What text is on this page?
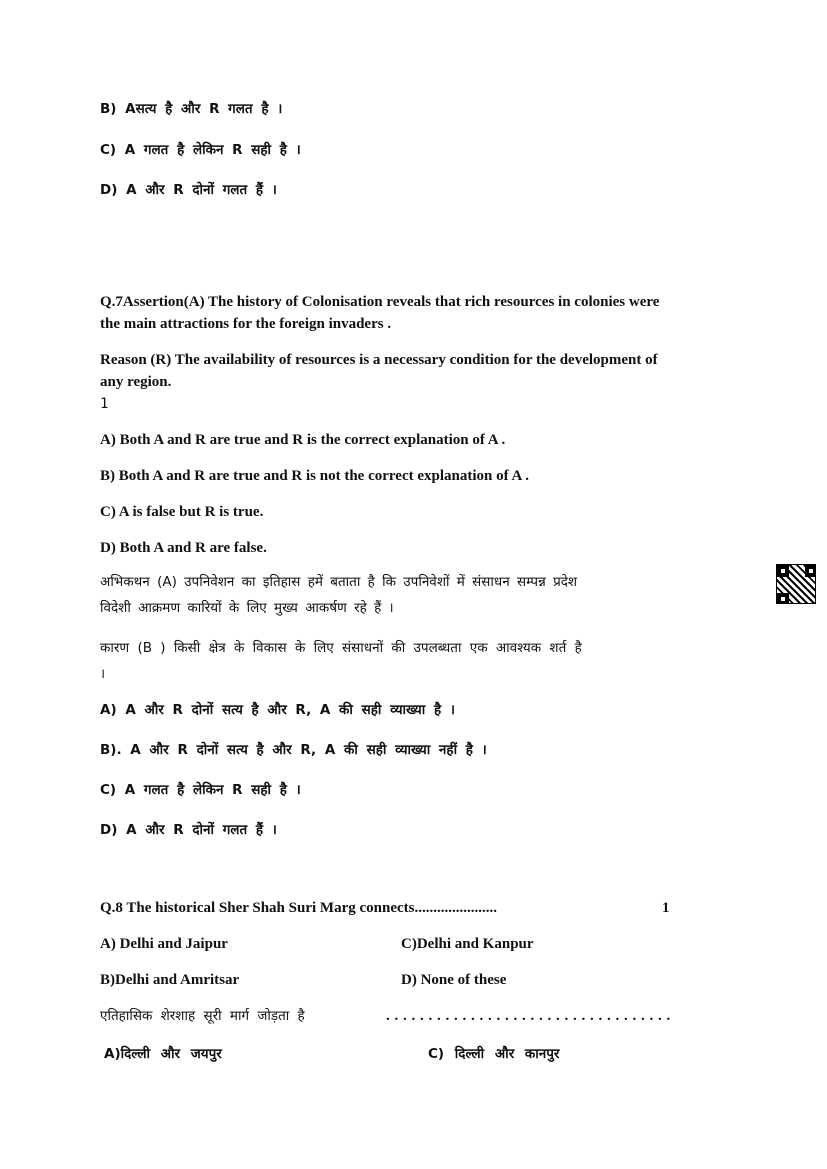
B) Aसत्य है और R गलत है ।
C) A गलत है लेकिन R सही है ।
D) A और R दोनों गलत हैं ।
Q.7Assertion(A) The history of Colonisation reveals that rich resources in colonies were
the main attractions for the foreign invaders .
Reason (R) The availability of resources is a necessary condition for the development of
any region.
1
A) Both A and R are true and R is the correct explanation of A .
B) Both A and R are true and R is not the correct explanation of A .
C) A is false but R is true.
D) Both A and R are false.
अभिकथन (A) उपनिवेशन का इतिहास हमें बताता है कि उपनिवेशों में संसाधन सम्पन्न प्रदेश
विदेशी आक्रमण कारियों के लिए मुख्य आकर्षण रहे हैं ।
कारण (B ) किसी क्षेत्र के विकास के लिए संसाधनों की उपलब्धता एक आवश्यक शर्त है
।
A) A और R दोनों सत्य है और R, A की सही व्याख्या है ।
B). A और R दोनों सत्य है और R, A की सही व्याख्या नहीं है ।
C) A गलत है लेकिन R सही है ।
D) A और R दोनों गलत हैं ।
Q.8 The historical Sher Shah Suri Marg connects......................	1
A) Delhi and Jaipur	C)Delhi and Kanpur
B)Delhi and Amritsar	D) None of these
एतिहासिक शेरशाह सूरी मार्ग जोड़ता है	. . . . . . . . . . . . . . . . . . . . . . . . . . . . . . . . . .
A)दिल्ली और जयपुर	C) दिल्ली और कानपुर
